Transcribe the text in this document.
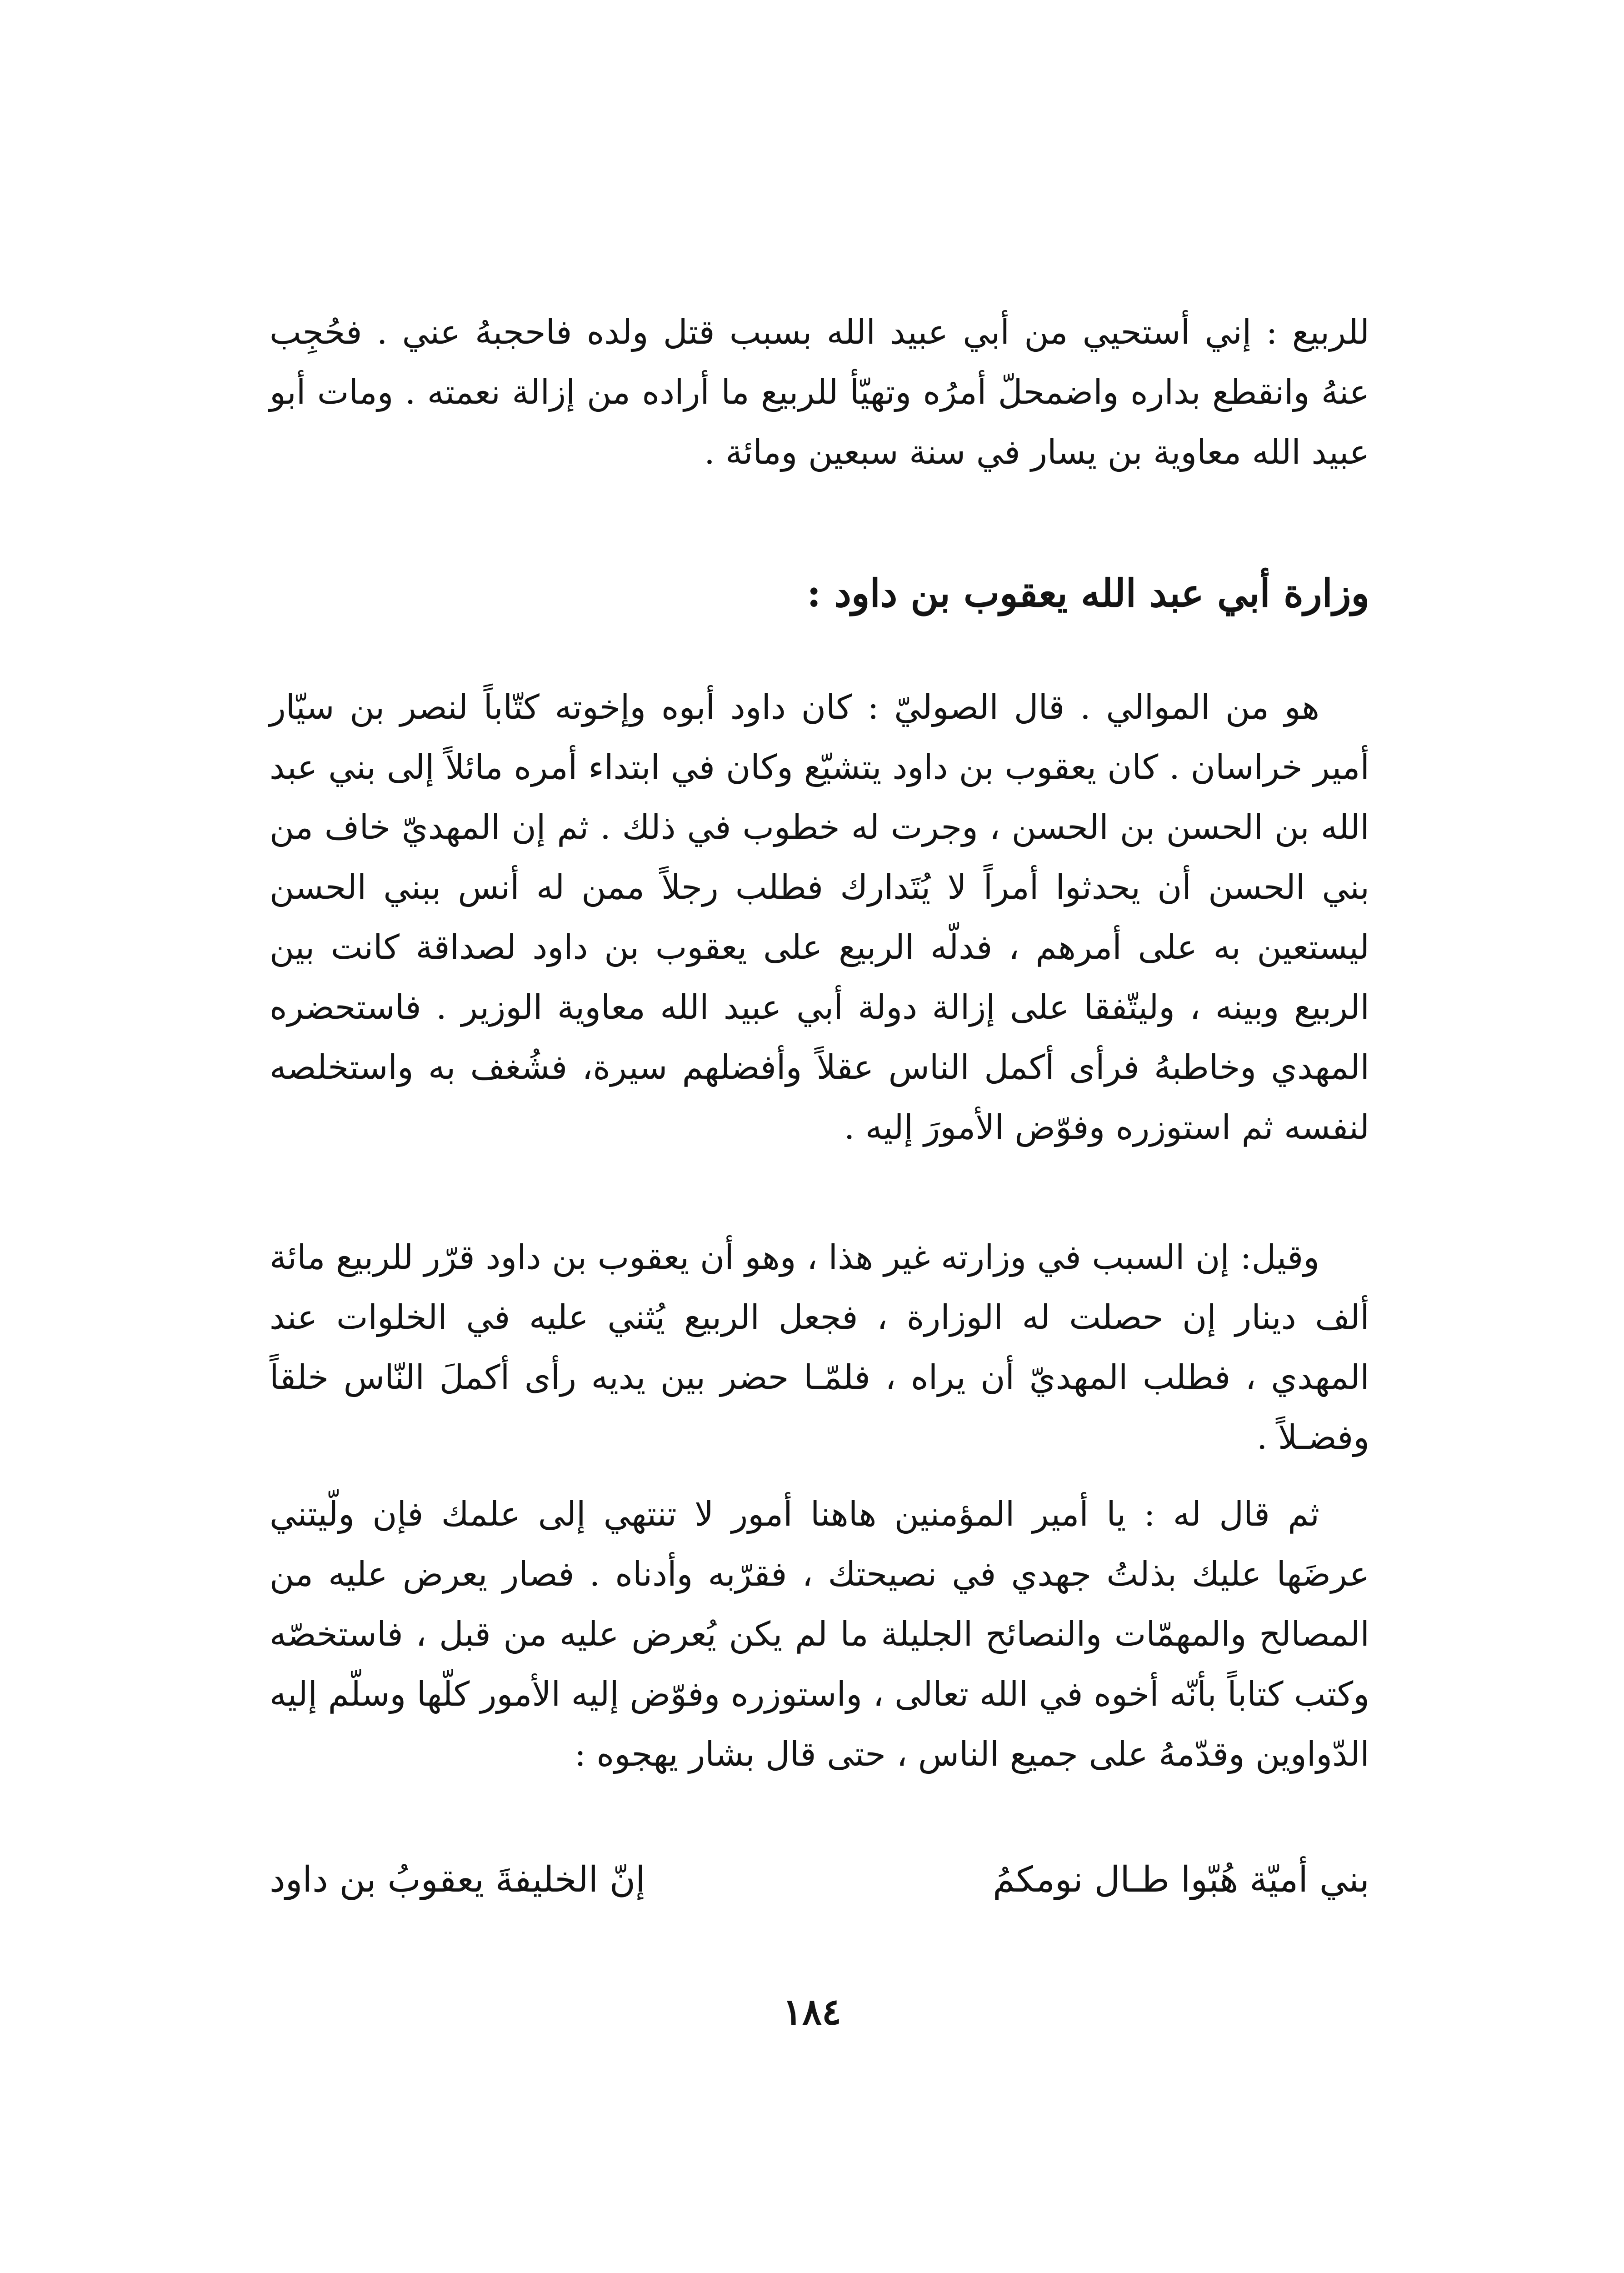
للربيع : إني أستحيي من أبي عبيد الله بسبب قتل ولده فاحجبهُ عني . فحُجِب عنهُ وانقطع بداره واضمحلّ أمرُه وتهيّأ للربيع ما أراده من إزالة نعمته . ومات أبو عبيد الله معاوية بن يسار في سنة سبعين ومائة .

وزارة أبي عبد الله يعقوب بن داود :

هو من الموالي . قال الصوليّ : كان داود أبوه وإخوته كتّاباً لنصر بن سيّار أمير خراسان . كان يعقوب بن داود يتشيّع وكان في ابتداء أمره مائلاً إلى بني عبد الله بن الحسن بن الحسن ، وجرت له خطوب في ذلك . ثم إن المهديّ خاف من بني الحسن أن يحدثوا أمراً لا يُتَدارك فطلب رجلاً ممن له أنس ببني الحسن ليستعين به على أمرهم ، فدلّه الربيع على يعقوب بن داود لصداقة كانت بين الربيع وبينه ، وليتّفقا على إزالة دولة أبي عبيد الله معاوية الوزير . فاستحضره المهدي وخاطبهُ فرأى أكمل الناس عقلاً وأفضلهم سيرة، فشُغف به واستخلصه لنفسه ثم استوزره وفوّض الأمورَ إليه .

وقيل: إن السبب في وزارته غير هذا ، وهو أن يعقوب بن داود قرّر للربيع مائة ألف دينار إن حصلت له الوزارة ، فجعل الربيع يُثني عليه في الخلوات عند المهدي ، فطلب المهديّ أن يراه ، فلمّـا حضر بين يديه رأى أكملَ النّاس خلقاً وفضـلاً .

ثم قال له : يا أمير المؤمنين هاهنا أمور لا تنتهي إلى علمك فإن ولّيتني عرضَها عليك بذلتُ جهدي في نصيحتك ، فقرّبه وأدناه . فصار يعرض عليه من المصالح والمهمّات والنصائح الجليلة ما لم يكن يُعرض عليه من قبل ، فاستخصّه وكتب كتاباً بأنّه أخوه في الله تعالى ، واستوزره وفوّض إليه الأمور كلّها وسلّم إليه الدّواوين وقدّمهُ على جميع الناس ، حتى قال بشار يهجوه :

بني أميّة هُبّوا طـال نومكمُ
إنّ الخليفةَ يعقوبُ بن داود
١٨٤
